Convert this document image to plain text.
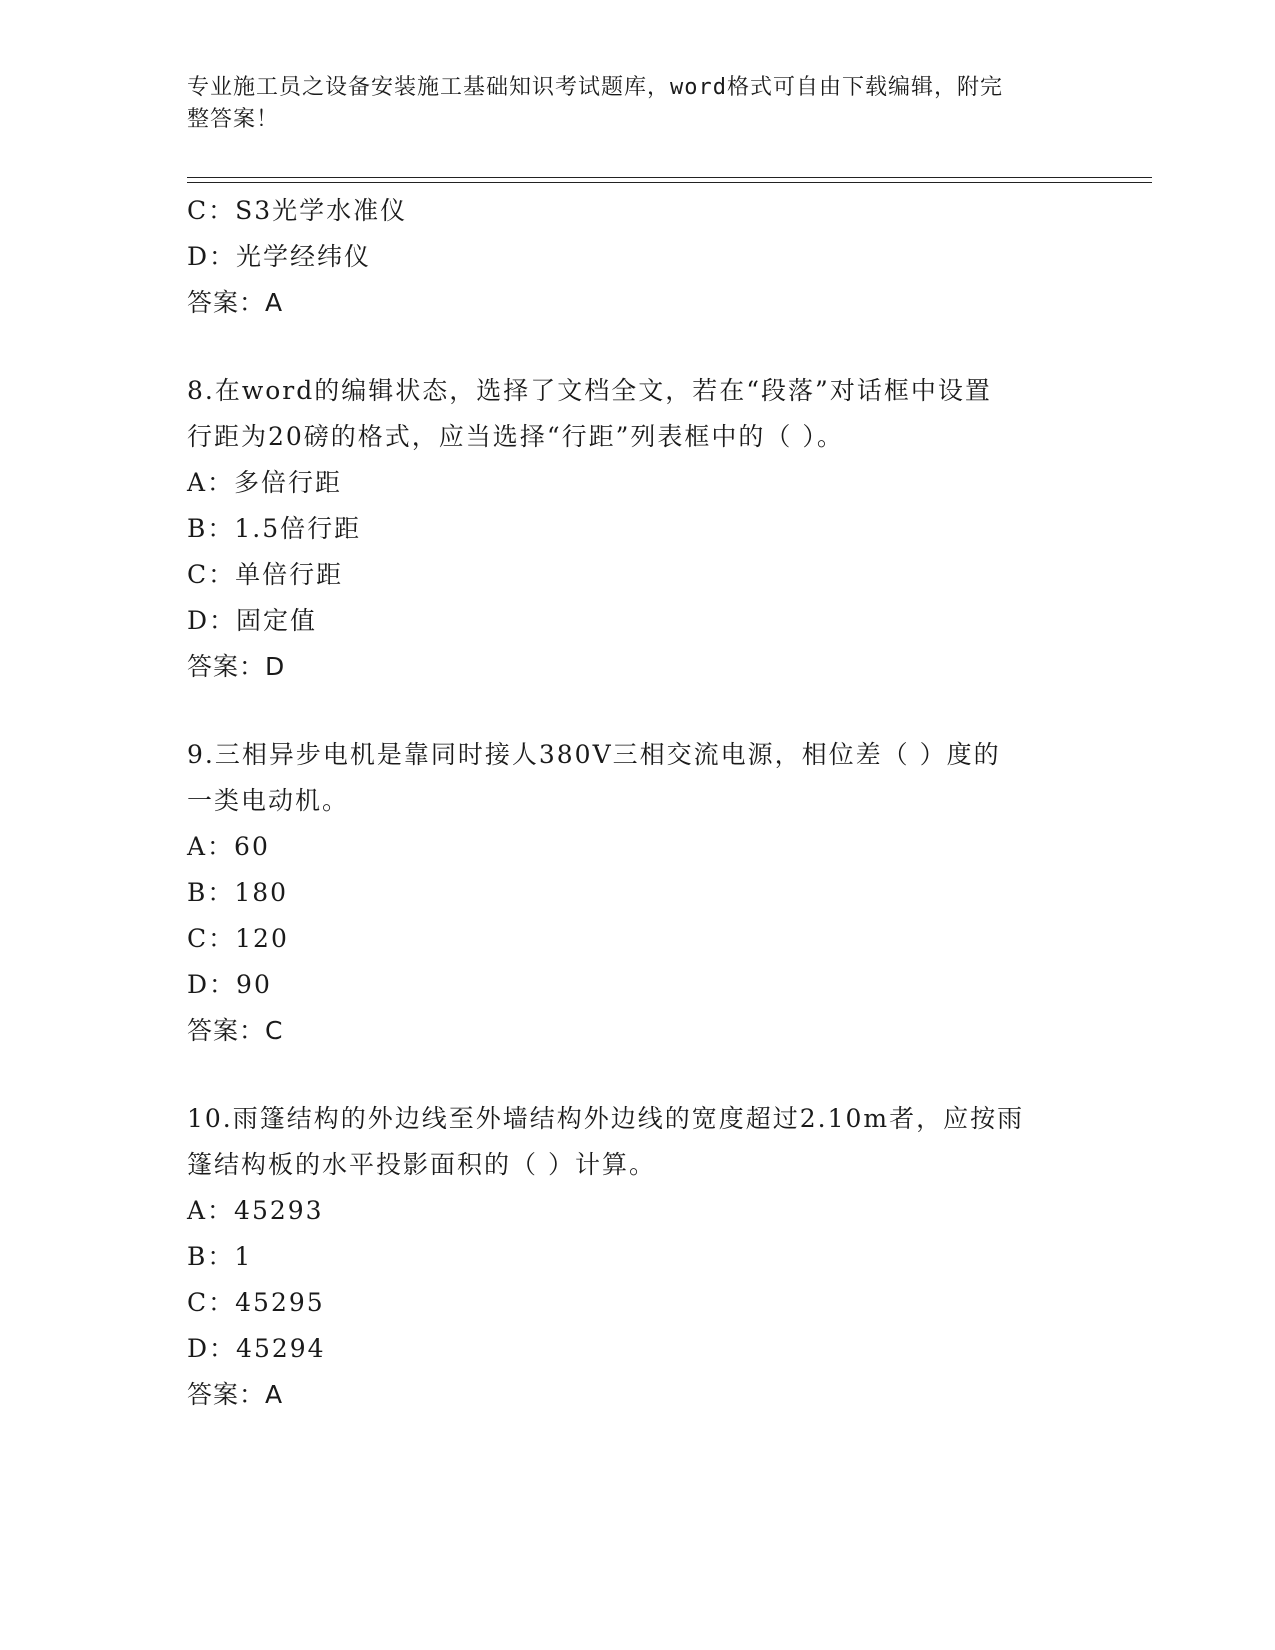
专业施工员之设备安装施工基础知识考试题库，word格式可自由下载编辑，附完
整答案！
C：S3光学水准仪
D：光学经纬仪
答案：A
8.在word的编辑状态，选择了文档全文，若在“段落”对话框中设置
行距为20磅的格式，应当选择“行距”列表框中的（ ）。
A：多倍行距
B：1.5倍行距
C：单倍行距
D：固定值
答案：D
9.三相异步电机是靠同时接人380V三相交流电源，相位差（ ）度的
一类电动机。
A：60
B：180
C：120
D：90
答案：C
10.雨篷结构的外边线至外墙结构外边线的宽度超过2.10m者，应按雨
篷结构板的水平投影面积的（ ）计算。
A：45293
B：1
C：45295
D：45294
答案：A
